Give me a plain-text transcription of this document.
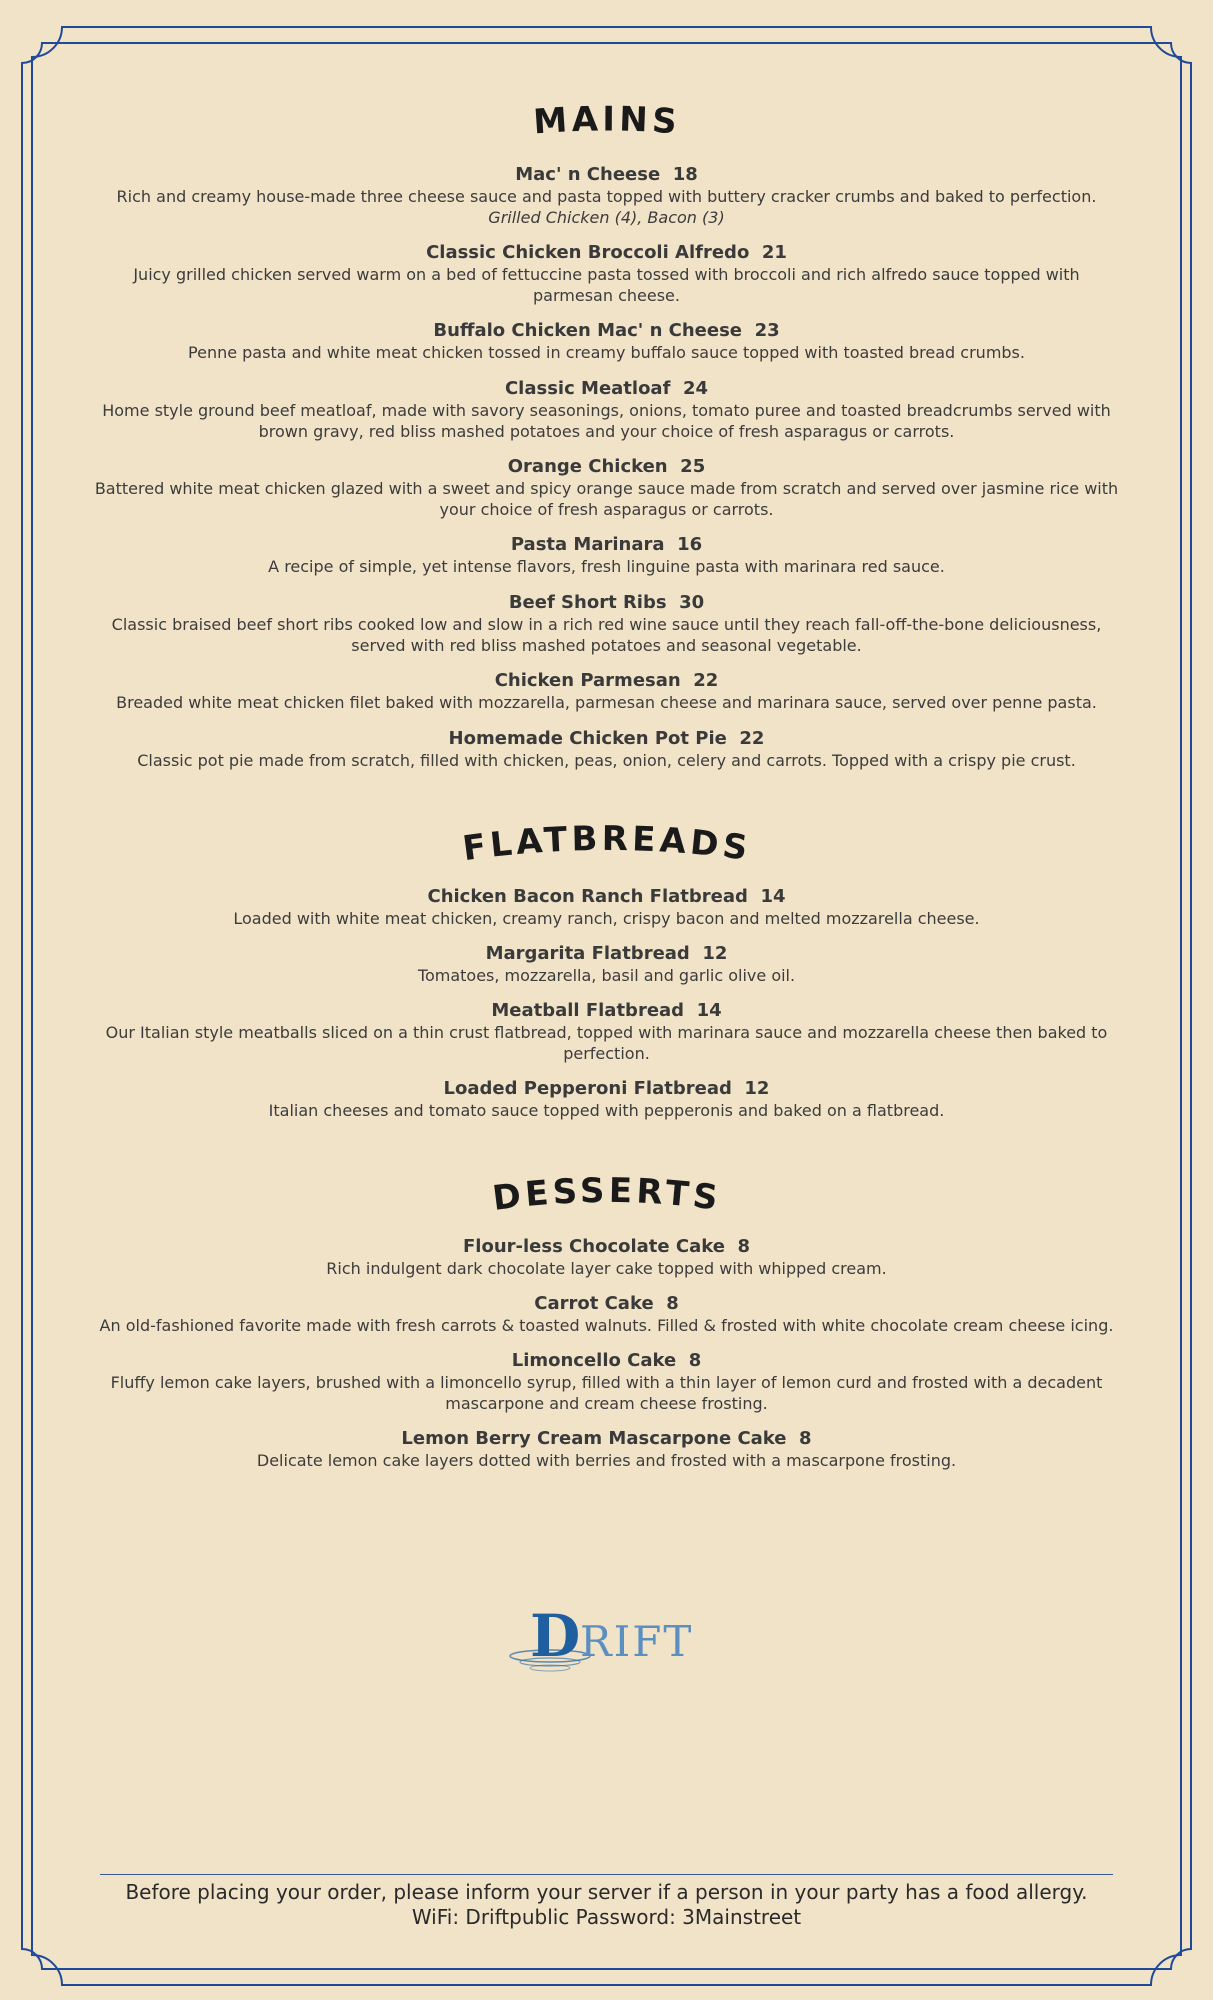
MAINS
Mac' n Cheese 18
Rich and creamy house-made three cheese sauce and pasta topped with buttery cracker crumbs and baked to perfection.
Grilled Chicken (4), Bacon (3)
Classic Chicken Broccoli Alfredo 21
Juicy grilled chicken served warm on a bed of fettuccine pasta tossed with broccoli and rich alfredo sauce topped with parmesan cheese.
Buffalo Chicken Mac' n Cheese 23
Penne pasta and white meat chicken tossed in creamy buffalo sauce topped with toasted bread crumbs.
Classic Meatloaf 24
Home style ground beef meatloaf, made with savory seasonings, onions, tomato puree and toasted breadcrumbs served with brown gravy, red bliss mashed potatoes and your choice of fresh asparagus or carrots.
Orange Chicken 25
Battered white meat chicken glazed with a sweet and spicy orange sauce made from scratch and served over jasmine rice with your choice of fresh asparagus or carrots.
Pasta Marinara 16
A recipe of simple, yet intense flavors, fresh linguine pasta with marinara red sauce.
Beef Short Ribs 30
Classic braised beef short ribs cooked low and slow in a rich red wine sauce until they reach fall-off-the-bone deliciousness, served with red bliss mashed potatoes and seasonal vegetable.
Chicken Parmesan 22
Breaded white meat chicken filet baked with mozzarella, parmesan cheese and marinara sauce, served over penne pasta.
Homemade Chicken Pot Pie 22
Classic pot pie made from scratch, filled with chicken, peas, onion, celery and carrots. Topped with a crispy pie crust.
FLATBREADS
Chicken Bacon Ranch Flatbread 14
Loaded with white meat chicken, creamy ranch, crispy bacon and melted mozzarella cheese.
Margarita Flatbread 12
Tomatoes, mozzarella, basil and garlic olive oil.
Meatball Flatbread 14
Our Italian style meatballs sliced on a thin crust flatbread, topped with marinara sauce and mozzarella cheese then baked to perfection.
Loaded Pepperoni Flatbread 12
Italian cheeses and tomato sauce topped with pepperonis and baked on a flatbread.
DESSERTS
Flour-less Chocolate Cake 8
Rich indulgent dark chocolate layer cake topped with whipped cream.
Carrot Cake 8
An old-fashioned favorite made with fresh carrots & toasted walnuts. Filled & frosted with white chocolate cream cheese icing.
Limoncello Cake 8
Fluffy lemon cake layers, brushed with a limoncello syrup, filled with a thin layer of lemon curd and frosted with a decadent mascarpone and cream cheese frosting.
Lemon Berry Cream Mascarpone Cake 8
Delicate lemon cake layers dotted with berries and frosted with a mascarpone frosting.
D RIFT
Before placing your order, please inform your server if a person in your party has a food allergy.
WiFi: Driftpublic Password: 3Mainstreet
